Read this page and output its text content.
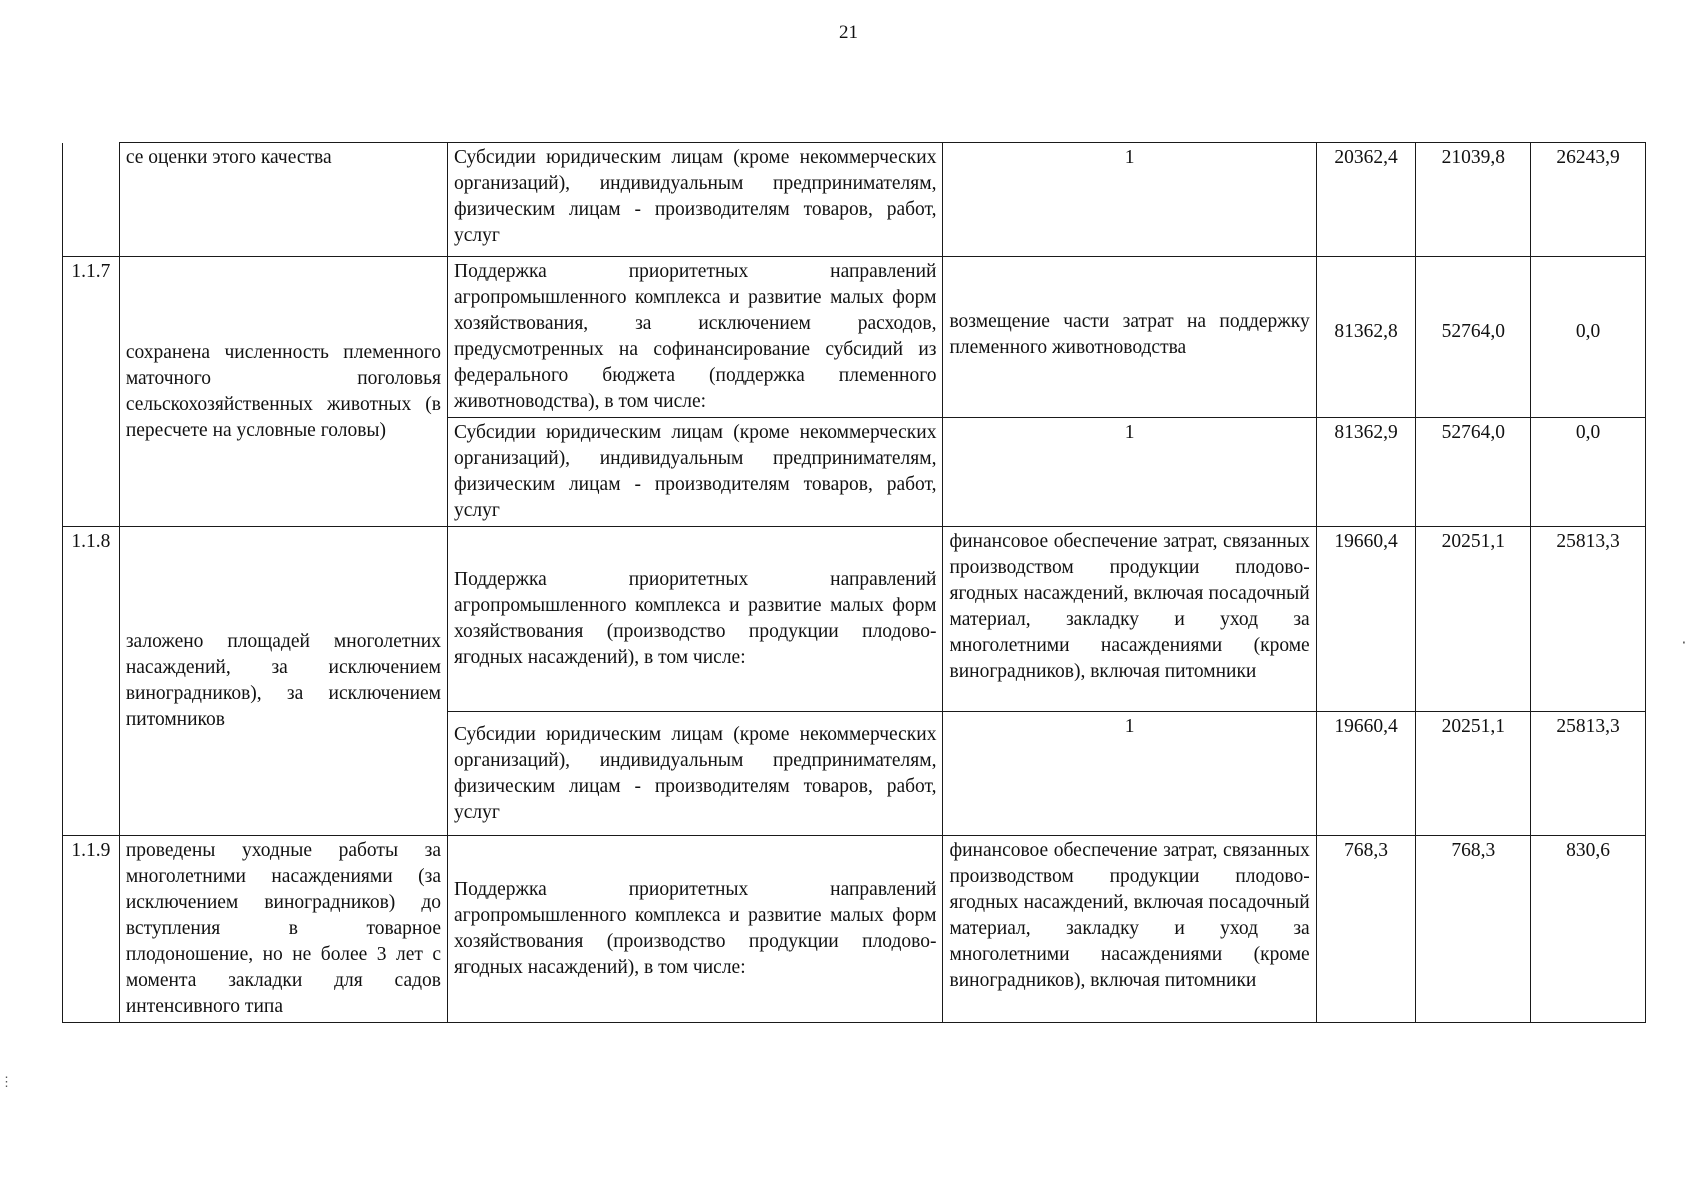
21
	се оценки этого качества	Субсидии юридическим лицам (кроме некоммерческих организаций), индивидуальным предпринимателям, физическим лицам - производителям товаров, работ, услуг	1	20362,4	21039,8	26243,9
1.1.7	сохранена численность племенного маточного поголовья сельскохозяйственных животных (в пересчете на условные головы)	Поддержка приоритетных направлений агропромышленного комплекса и развитие малых форм хозяйствования, за исключением расходов, предусмотренных на софинансирование субсидий из федерального бюджета (поддержка племенного животноводства), в том числе:	возмещение части затрат на поддержку племенного животноводства	81362,8	52764,0	0,0
		Субсидии юридическим лицам (кроме некоммерческих организаций), индивидуальным предпринимателям, физическим лицам - производителям товаров, работ, услуг	1	81362,9	52764,0	0,0
1.1.8	заложено площадей многолетних насаждений, за исключением виноградников), за исключением питомников	Поддержка приоритетных направлений агропромышленного комплекса и развитие малых форм хозяйствования (производство продукции плодово-ягодных насаждений), в том числе:	финансовое обеспечение затрат, связанных производством продукции плодово-ягодных насаждений, включая посадочный материал, закладку и уход за многолетними насаждениями (кроме виноградников), включая питомники	19660,4	20251,1	25813,3
		Субсидии юридическим лицам (кроме некоммерческих организаций), индивидуальным предпринимателям, физическим лицам - производителям товаров, работ, услуг	1	19660,4	20251,1	25813,3
1.1.9	проведены уходные работы за многолетними насаждениями (за исключением виноградников) до вступления в товарное плодоношение, но не более 3 лет с момента закладки для садов интенсивного типа	Поддержка приоритетных направлений агропромышленного комплекса и развитие малых форм хозяйствования (производство продукции плодово-ягодных насаждений), в том числе:	финансовое обеспечение затрат, связанных производством продукции плодово-ягодных насаждений, включая посадочный материал, закладку и уход за многолетними насаждениями (кроме виноградников), включая питомники	768,3	768,3	830,6
·
⋮
